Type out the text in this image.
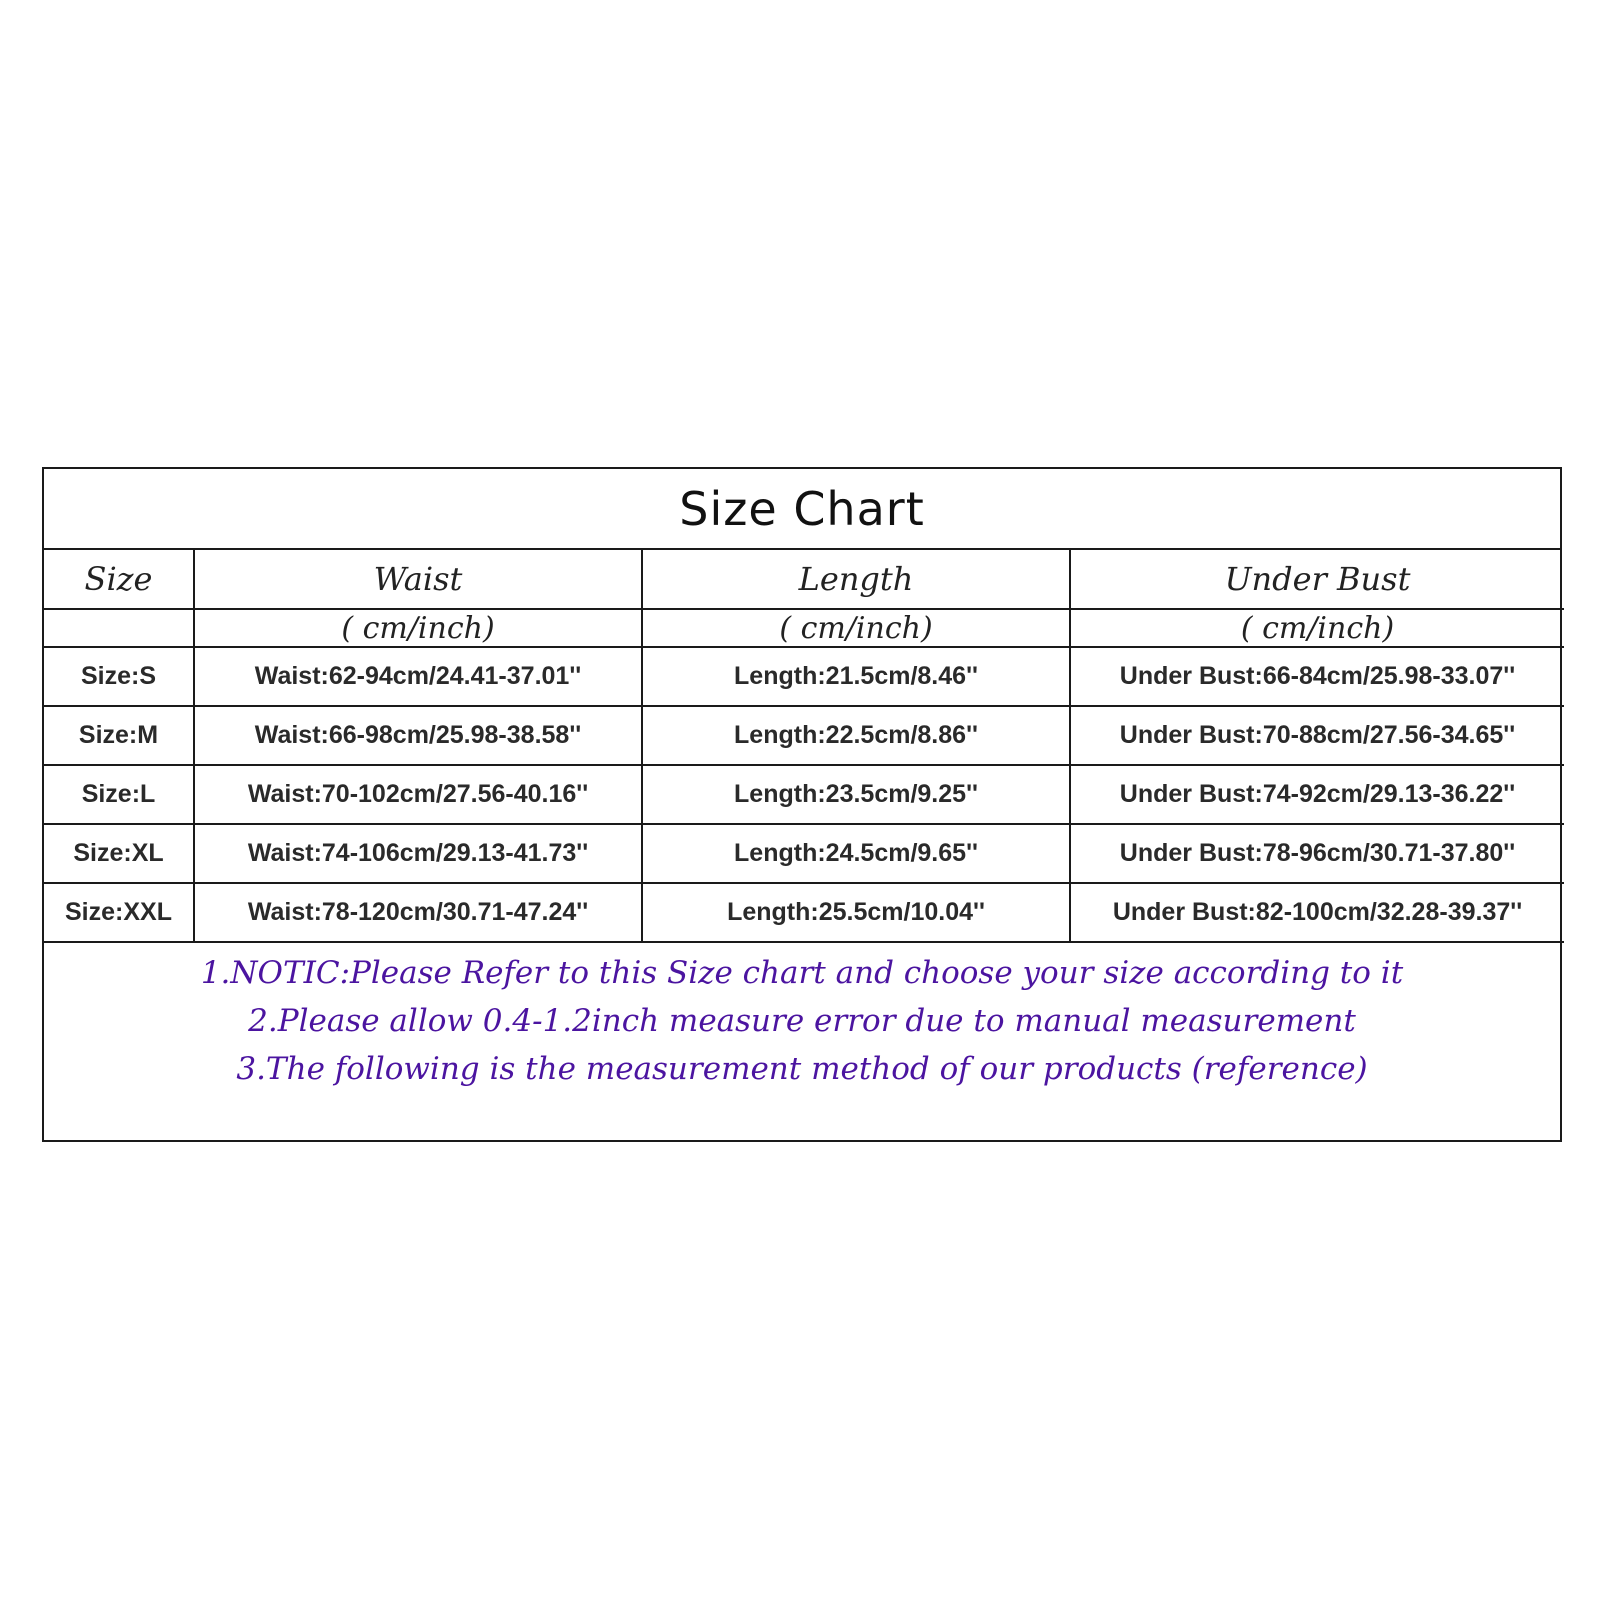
Size Chart
Size	Waist	Length	Under Bust
	( cm/inch)	( cm/inch)	( cm/inch)
Size:S	Waist:62-94cm/24.41-37.01''	Length:21.5cm/8.46''	Under Bust:66-84cm/25.98-33.07''
Size:M	Waist:66-98cm/25.98-38.58''	Length:22.5cm/8.86''	Under Bust:70-88cm/27.56-34.65''
Size:L	Waist:70-102cm/27.56-40.16''	Length:23.5cm/9.25''	Under Bust:74-92cm/29.13-36.22''
Size:XL	Waist:74-106cm/29.13-41.73''	Length:24.5cm/9.65''	Under Bust:78-96cm/30.71-37.80''
Size:XXL	Waist:78-120cm/30.71-47.24''	Length:25.5cm/10.04''	Under Bust:82-100cm/32.28-39.37''
1.NOTIC:Please Refer to this Size chart and choose your size according to it
2.Please allow 0.4-1.2inch measure error due to manual measurement
3.The following is the measurement method of our products (reference)
